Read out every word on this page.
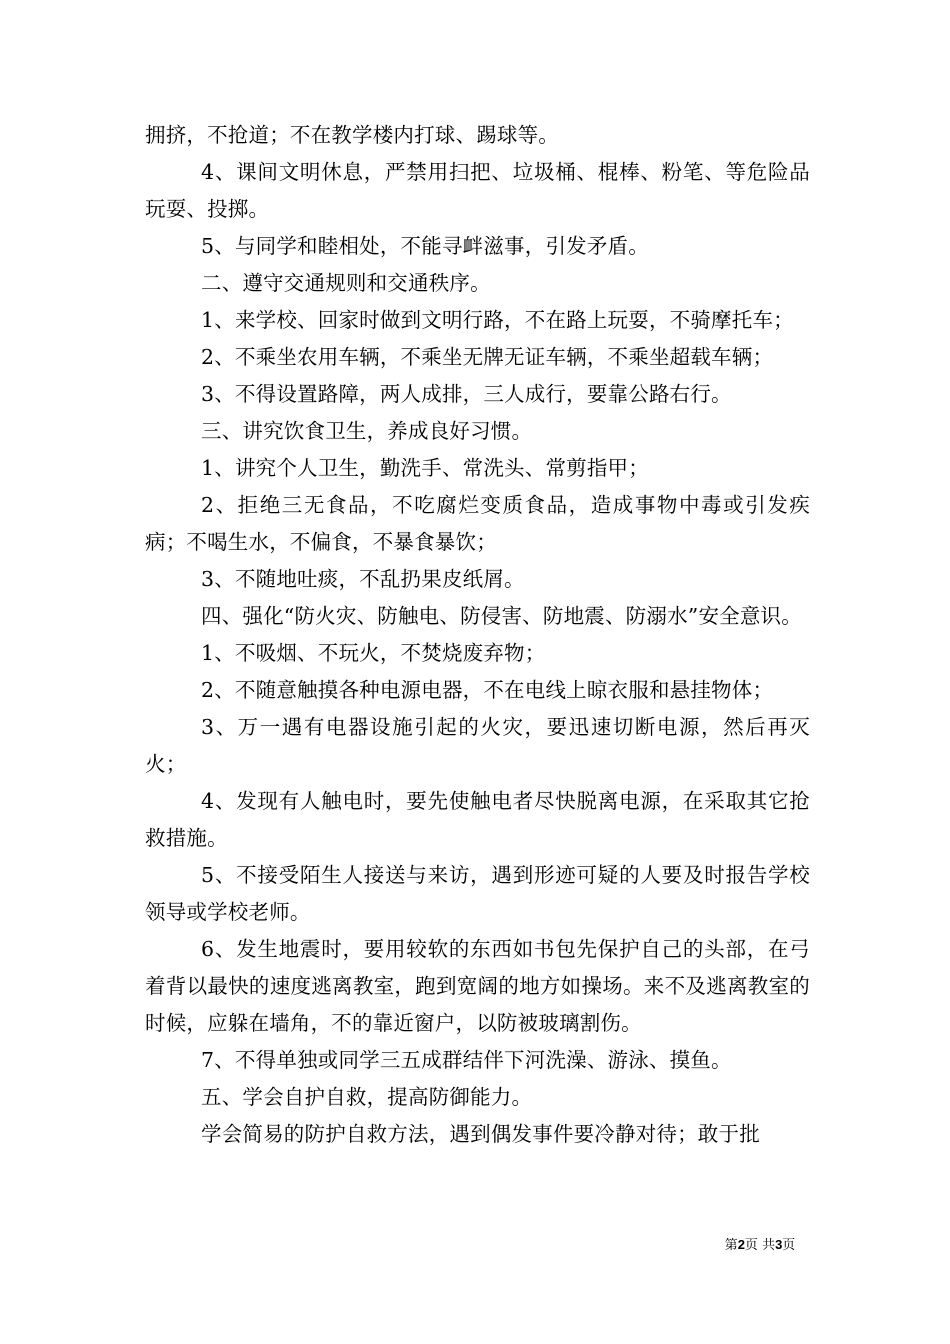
拥挤，不抢道；不在教学楼内打球、踢球等。

4、课间文明休息，严禁用扫把、垃圾桶、棍棒、粉笔、等危险品玩耍、投掷。

5、与同学和睦相处，不能寻衅滋事，引发矛盾。

二、遵守交通规则和交通秩序。

1、来学校、回家时做到文明行路，不在路上玩耍，不骑摩托车；

2、不乘坐农用车辆，不乘坐无牌无证车辆，不乘坐超载车辆；

3、不得设置路障，两人成排，三人成行，要靠公路右行。

三、讲究饮食卫生，养成良好习惯。

1、讲究个人卫生，勤洗手、常洗头、常剪指甲；

2、拒绝三无食品，不吃腐烂变质食品，造成事物中毒或引发疾病；不喝生水，不偏食，不暴食暴饮；

3、不随地吐痰，不乱扔果皮纸屑。

四、强化“防火灾、防触电、防侵害、防地震、防溺水”安全意识。

1、不吸烟、不玩火，不焚烧废弃物；

2、不随意触摸各种电源电器，不在电线上晾衣服和悬挂物体；

3、万一遇有电器设施引起的火灾，要迅速切断电源，然后再灭火；

4、发现有人触电时，要先使触电者尽快脱离电源，在采取其它抢救措施。

5、不接受陌生人接送与来访，遇到形迹可疑的人要及时报告学校领导或学校老师。

6、发生地震时，要用较软的东西如书包先保护自己的头部，在弓着背以最快的速度逃离教室，跑到宽阔的地方如操场。来不及逃离教室的时候，应躲在墙角，不的靠近窗户，以防被玻璃割伤。

7、不得单独或同学三五成群结伴下河洗澡、游泳、摸鱼。

五、学会自护自救，提高防御能力。

学会简易的防护自救方法，遇到偶发事件要冷静对待；敢于批

第2页 共3页
